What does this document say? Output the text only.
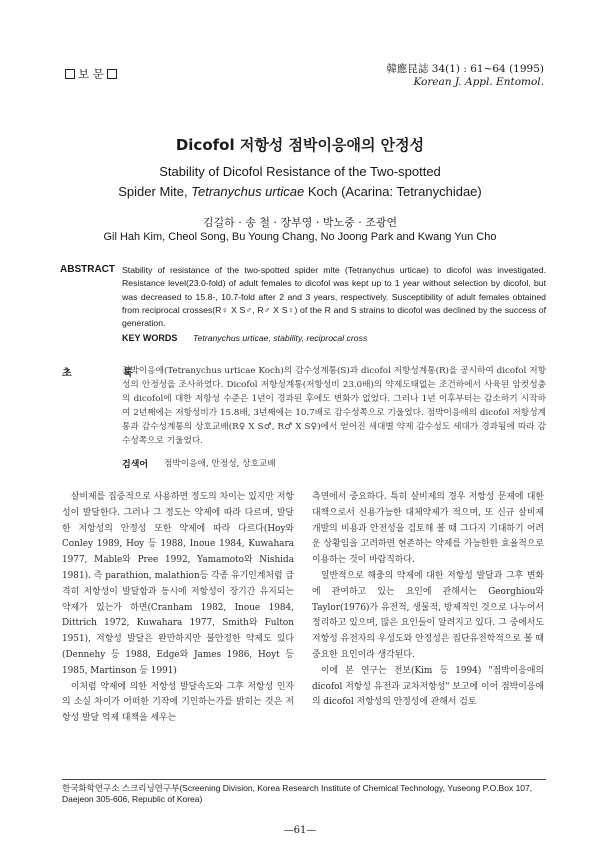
보 문	韓應昆誌 34(1) : 61∼64 (1995)
Korean J. Appl. Entomol.
Dicofol 저항성 점박이응애의 안정성
Stability of Dicofol Resistance of the Two-spotted
Spider Mite, Tetranychus urticae Koch (Acarina: Tetranychidae)
김길하 · 송 철 · 장부영 · 박노중 · 조광연
Gil Hah Kim, Cheol Song, Bu Young Chang, No Joong Park and Kwang Yun Cho
ABSTRACT Stability of resistance of the two-spotted spider mite (Tetranychus urticae) to dicofol was investigated. Resistance level(23.0-fold) of adult females to dicofol was kept up to 1 year without selection by dicofol, but was decreased to 15.8-, 10.7-fold after 2 and 3 years, respectively. Susceptibility of adult females obtained from reciprocal crosses(R♀ X S♂, R♂ X S♀) of the R and S strains to dicofol was declined by the success of generation.
KEY WORDS Tetranychus urticae, stability, reciprocal cross
초 록
점박이응애(Tetranychus urticae Koch)의 감수성계통(S)과 dicofol 저항성계통(R)을 공시하여 dicofol 저항성의 안정성을 조사하였다. Dicofol 저항성계통(저항성비 23.0배)의 약제도태없는 조건하에서 사육된 암컷성충의 dicofol에 대한 저항성 수준은 1년이 경과된 후에도 변화가 없었다. 그러나 1년 이후부터는 감소하기 시작하여 2년째에는 저항성비가 15.8배, 3년째에는 10.7배로 감수성쪽으로 기울었다. 점박이응애의 dicofol 저항성계통과 감수성계통의 상호교배(R♀ X S♂, R♂ X S♀)에서 얻어진 세대별 약제 감수성도 세대가 경과됨에 따라 감수성쪽으로 기울었다.
검색어 점박이응애, 안정성, 상호교배

살비제를 집중적으로 사용하면 정도의 차이는 있지만 저항성이 발달한다. 그러나 그 정도는 약제에 따라 다르며, 발달한 저항성의 안정성 또한 약제에 따라 다르다(Hoy와 Conley 1989, Hoy 등 1988, Inoue 1984, Kuwahara 1977, Mable와 Pree 1992, Yamamoto와 Nishida 1981). 즉 parathion, malathion등 각종 유기인계처럼 급격히 저항성이 발달함과 동시에 저항성이 장기간 유지되는 약제가 있는가 하면(Cranham 1982, Inoue 1984, Dittrich 1972, Kuwahara 1977, Smith와 Fulton 1951), 저항성 발달은 완만하지만 불안정한 약제도 있다(Dennehy 등 1988, Edge와 James 1986, Hoyt 등 1985, Martinson 등 1991)

이처럼 약제에 의한 저항성 발달속도와 그후 저항성 인자의 소실 차이가 어떠한 기작에 기인하는가를 밝히는 것은 저항성 발달 억제 대책을 세우는

측면에서 중요하다. 특히 살비제의 경우 저항성 문제에 대한 대책으로서 신용가능한 대체약제가 적으며, 또 신규 살비제개발의 비용과 안전성을 검토해 볼 때 그다지 기대하기 어려운 상황임을 고려하면 현존하는 약제를 가능한한 효율적으로 이용하는 것이 바람직하다.

일반적으로 해충의 약제에 대한 저항성 발달과 그후 변화에 관여하고 있는 요인에 관해서는 Georghiou와 Taylor(1976)가 유전적, 생물적, 방제적인 것으로 나누어서 정리하고 있으며, 많은 요인들이 알려지고 있다. 그 중에서도 저항성 유전자의 우성도와 안정성은 집단유전학적으로 볼 때 중요한 요인이라 생각된다.

이에 본 연구는 전보(Kim 등 1994) "점박이응애의 dicofol 저항성 유전과 교차저항성" 보고에 이어 점박이응애의 dicofol 저항성의 안정성에 관해서 검토

한국화학연구소 스크리닝연구부(Screening Division, Korea Research Institute of Chemical Technology, Yuseong P.O.Box 107, Daejeon 305-606, Republic of Korea)
—61—
